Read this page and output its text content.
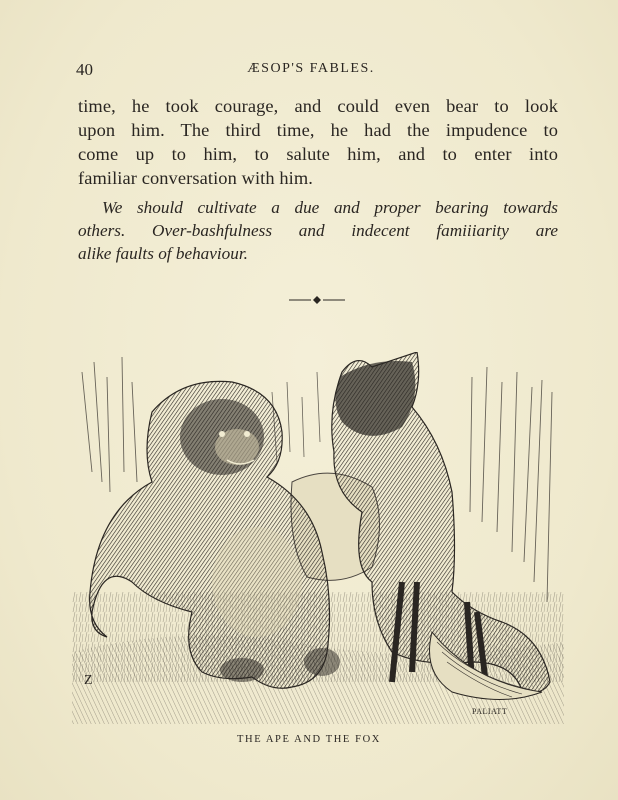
40	ÆSOP'S FABLES.
time, he took courage, and could even bear to look
upon him. The third time, he had the impudence to
come up to him, to salute him, and to enter into
familiar conversation with him.
We should cultivate a due and proper bearing towards
others. Over-bashfulness and indecent famiiiarity are
alike faults of behaviour.
Z
PALIATT
THE APE AND THE FOX
